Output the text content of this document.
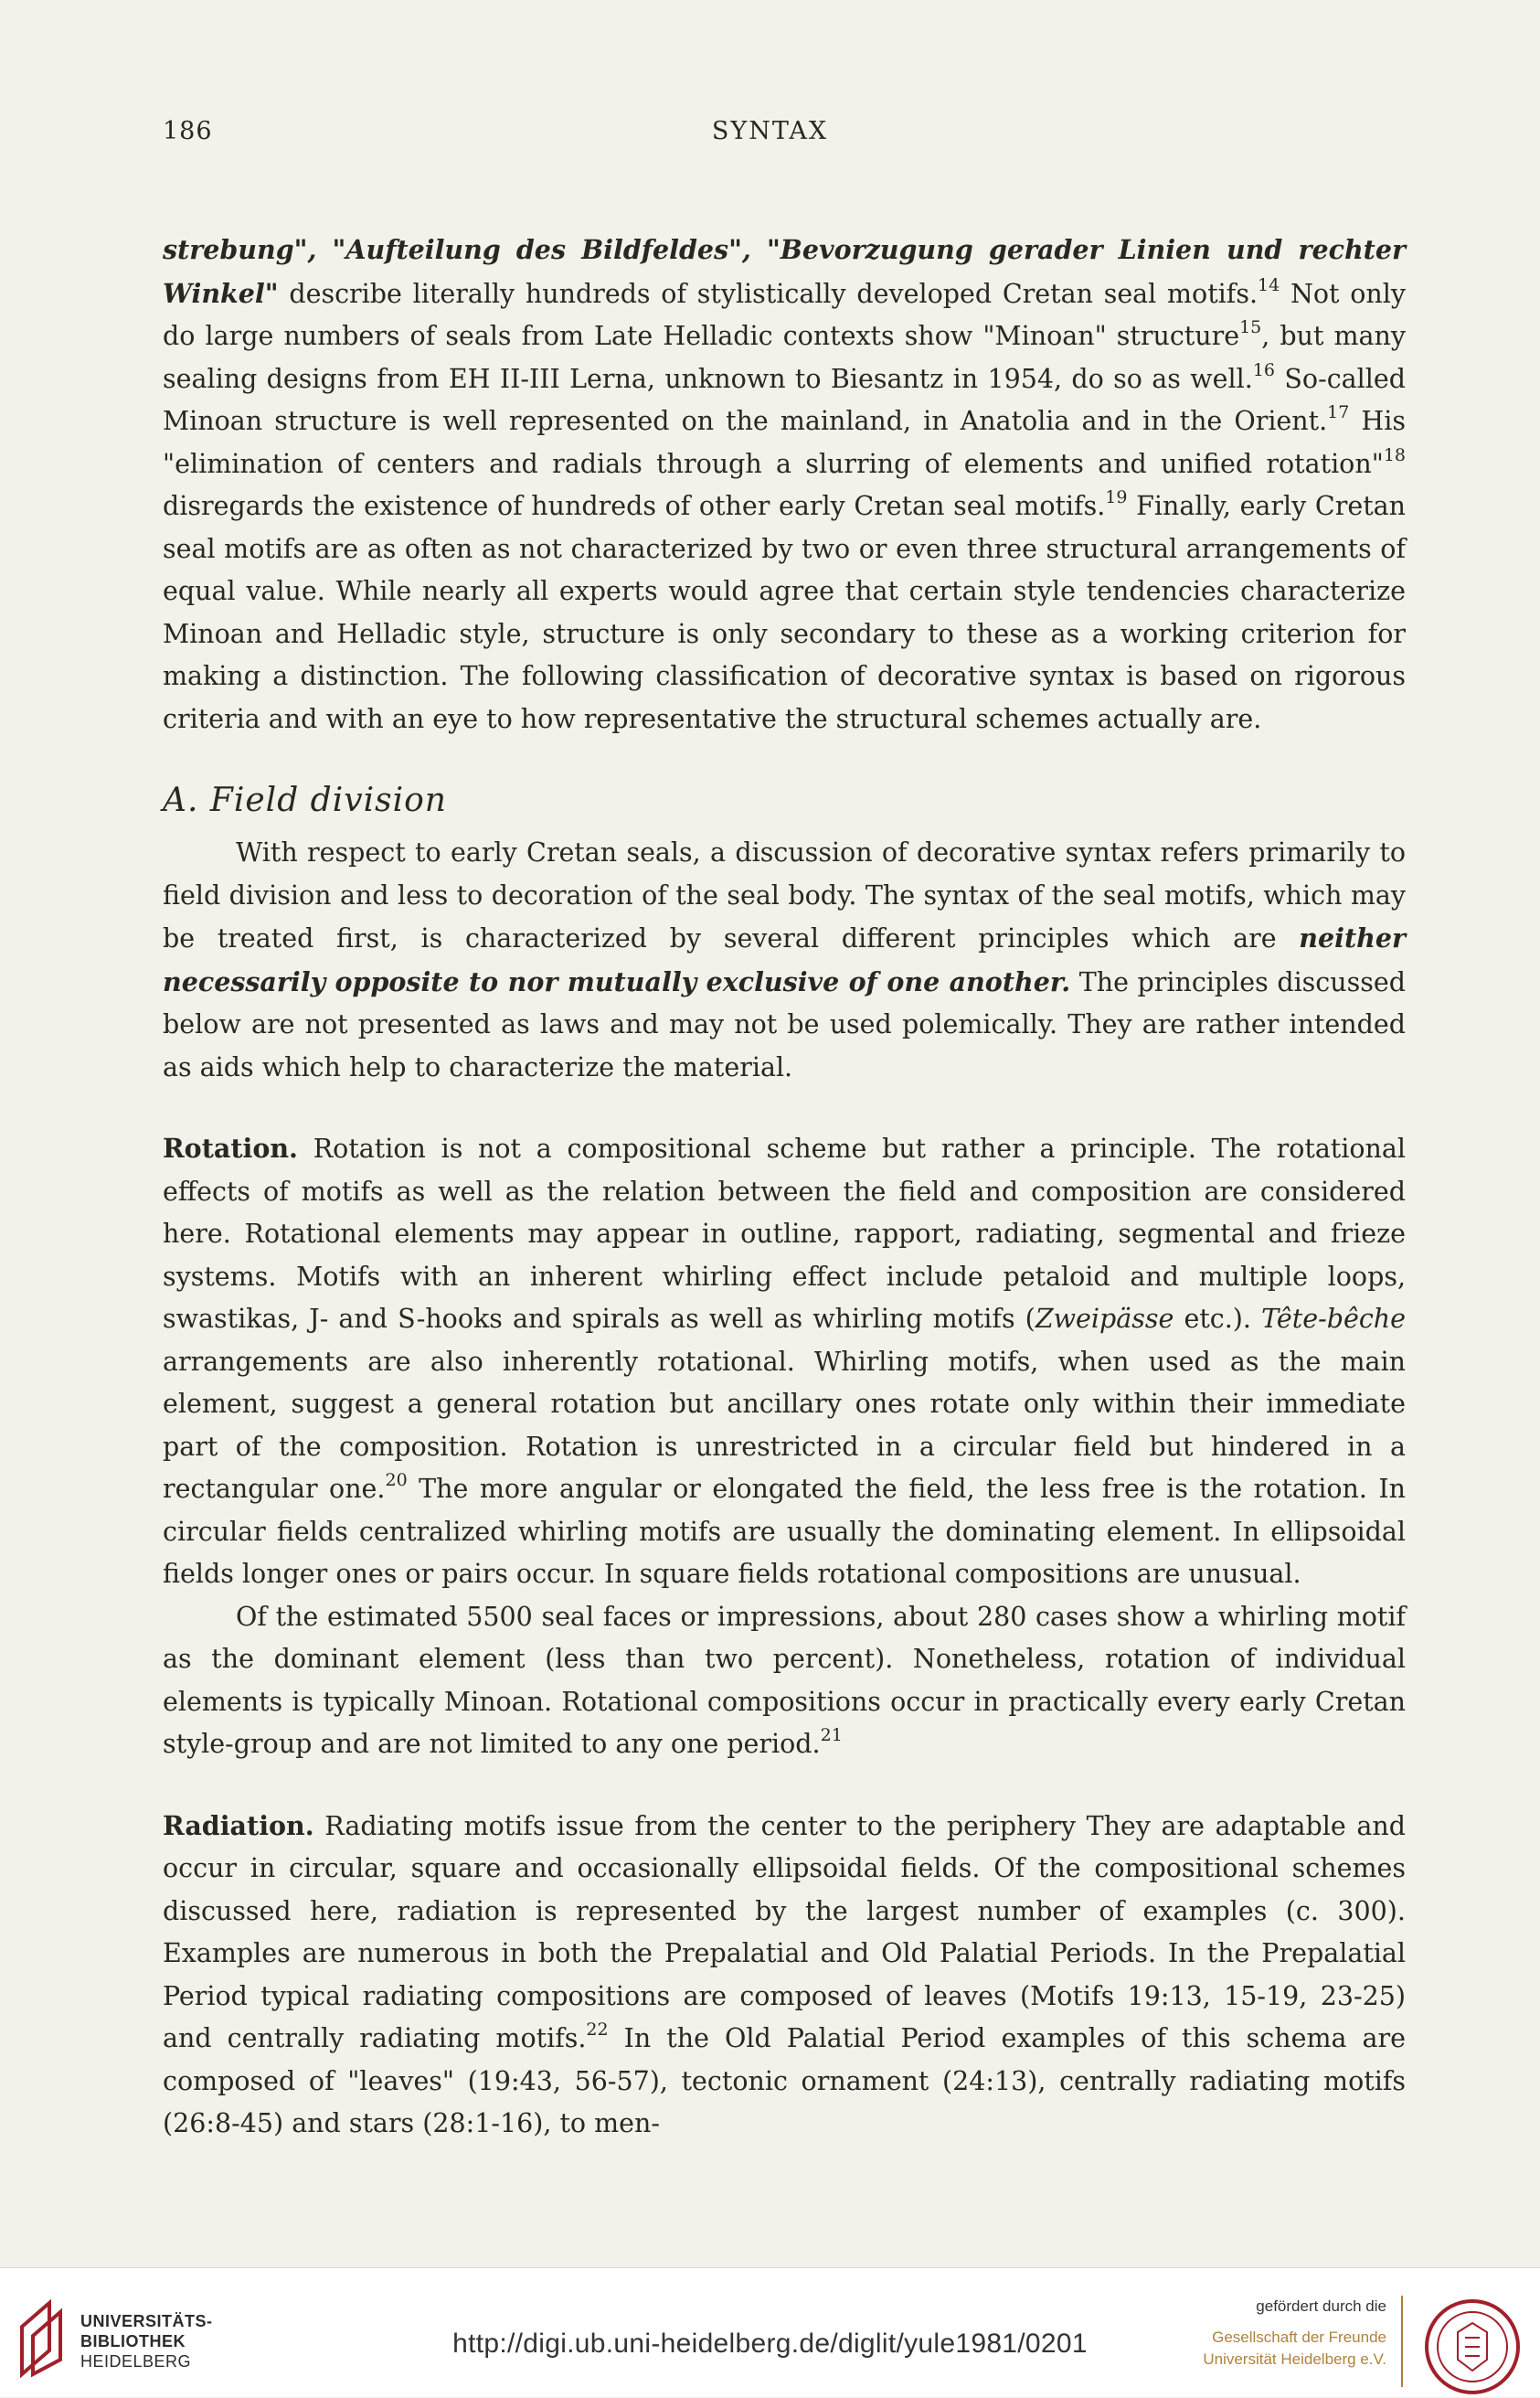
186	SYNTAX

strebung", "Aufteilung des Bildfeldes", "Bevorzugung gerader Linien und rechter Winkel" describe literally hundreds of stylistically developed Cretan seal motifs.$^{14}$ Not only do large numbers of seals from Late Helladic contexts show "Minoan" structure$^{15}$, but many sealing designs from EH II-III Lerna, unknown to Biesantz in 1954, do so as well.$^{16}$ So-called Minoan structure is well represented on the mainland, in Anatolia and in the Orient.$^{17}$ His "elimination of centers and radials through a slurring of elements and unified rotation"$^{18}$ disregards the existence of hundreds of other early Cretan seal motifs.$^{19}$ Finally, early Cretan seal motifs are as often as not characterized by two or even three structural arrangements of equal value. While nearly all experts would agree that certain style tendencies characterize Minoan and Helladic style, structure is only secondary to these as a working criterion for making a distinction. The following classification of decorative syntax is based on rigorous criteria and with an eye to how representative the structural schemes actually are.

A. Field division

With respect to early Cretan seals, a discussion of decorative syntax refers primarily to field division and less to decoration of the seal body. The syntax of the seal motifs, which may be treated first, is characterized by several different principles which are neither necessarily opposite to nor mutually exclusive of one another. The principles discussed below are not presented as laws and may not be used polemically. They are rather intended as aids which help to characterize the material.

Rotation. Rotation is not a compositional scheme but rather a principle. The rotational effects of motifs as well as the relation between the field and composition are considered here. Rotational elements may appear in outline, rapport, radiating, segmental and frieze systems. Motifs with an inherent whirling effect include petaloid and multiple loops, swastikas, J- and S-hooks and spirals as well as whirling motifs (Zweipässe etc.). Tête-bêche arrangements are also inherently rotational. Whirling motifs, when used as the main element, suggest a general rotation but ancillary ones rotate only within their immediate part of the composition. Rotation is unrestricted in a circular field but hindered in a rectangular one.$^{20}$ The more angular or elongated the field, the less free is the rotation. In circular fields centralized whirling motifs are usually the dominating element. In ellipsoidal fields longer ones or pairs occur. In square fields rotational compositions are unusual.

Of the estimated 5500 seal faces or impressions, about 280 cases show a whirling motif as the dominant element (less than two percent). Nonetheless, rotation of individual elements is typically Minoan. Rotational compositions occur in practically every early Cretan style-group and are not limited to any one period.$^{21}$

Radiation. Radiating motifs issue from the center to the periphery They are adaptable and occur in circular, square and occasionally ellipsoidal fields. Of the compositional schemes discussed here, radiation is represented by the largest number of examples (c. 300). Examples are numerous in both the Prepalatial and Old Palatial Periods. In the Prepalatial Period typical radiating compositions are composed of leaves (Motifs 19:13, 15-19, 23-25) and centrally radiating motifs.$^{22}$ In the Old Palatial Period examples of this schema are composed of "leaves" (19:43, 56-57), tectonic ornament (24:13), centrally radiating motifs (26:8-45) and stars (28:1-16), to men-

UNIVERSITÄTS-
BIBLIOTHEK
HEIDELBERG
http://digi.ub.uni-heidelberg.de/diglit/yule1981/0201
gefördert durch die
Gesellschaft der Freunde
Universität Heidelberg e.V.
